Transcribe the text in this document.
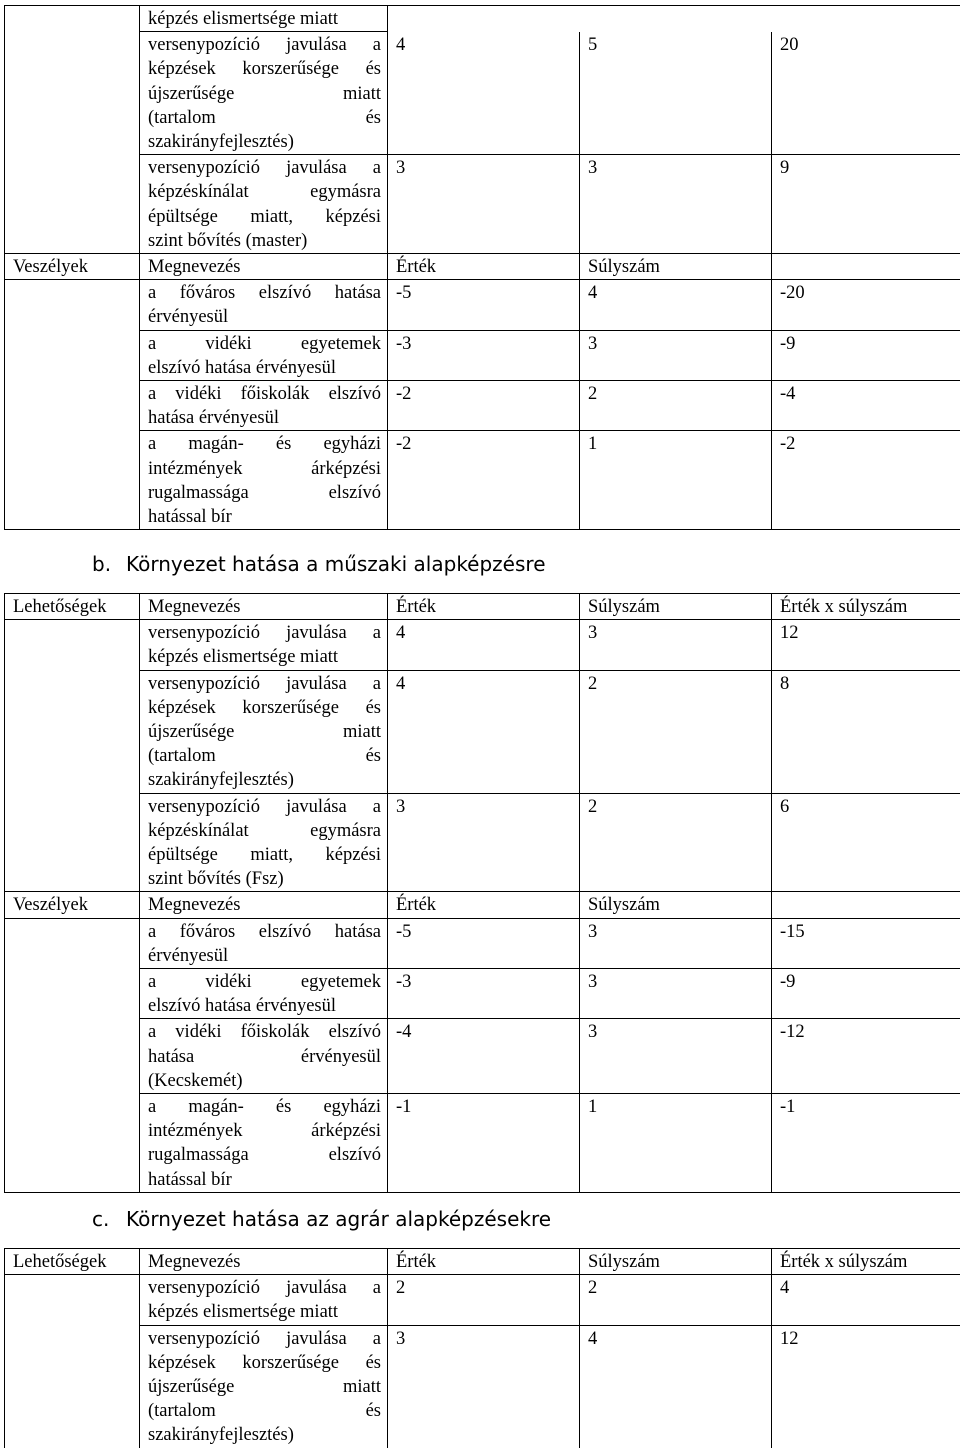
	képzés elismertsége miatt			

	versenypozíció javulása a
képzések korszerűsége és
újszerűsége miatt
(tartalom és
szakirányfejlesztés)	4	5	20

	versenypozíció javulása a
képzéskínálat egymásra
épültsége miatt, képzési
szint bővítés (master)	3	3	9
Veszélyek	Megnevezés	Érték	Súlyszám	

	a főváros elszívó hatása
érvényesül	-5	4	-20

	a vidéki egyetemek
elszívó hatása érvényesül	-3	3	-9

	a vidéki főiskolák elszívó
hatása érvényesül	-2	2	-4

	a magán- és egyházi
intézmények árképzési
rugalmassága elszívó
hatással bír	-2	1	-2
b. Környezet hatása a műszaki alapképzésre
Lehetőségek	Megnevezés	Érték	Súlyszám	Érték x súlyszám

	versenypozíció javulása a
képzés elismertsége miatt	4	3	12

	versenypozíció javulása a
képzések korszerűsége és
újszerűsége miatt
(tartalom és
szakirányfejlesztés)	4	2	8

	versenypozíció javulása a
képzéskínálat egymásra
épültsége miatt, képzési
szint bővítés (Fsz)	3	2	6
Veszélyek	Megnevezés	Érték	Súlyszám	

	a főváros elszívó hatása
érvényesül	-5	3	-15

	a vidéki egyetemek
elszívó hatása érvényesül	-3	3	-9

	a vidéki főiskolák elszívó
hatása érvényesül
(Kecskemét)	-4	3	-12

	a magán- és egyházi
intézmények árképzési
rugalmassága elszívó
hatással bír	-1	1	-1
c. Környezet hatása az agrár alapképzésekre
Lehetőségek	Megnevezés	Érték	Súlyszám	Érték x súlyszám

	versenypozíció javulása a
képzés elismertsége miatt	2	2	4

	versenypozíció javulása a
képzések korszerűsége és
újszerűsége miatt
(tartalom és
szakirányfejlesztés)	3	4	12
